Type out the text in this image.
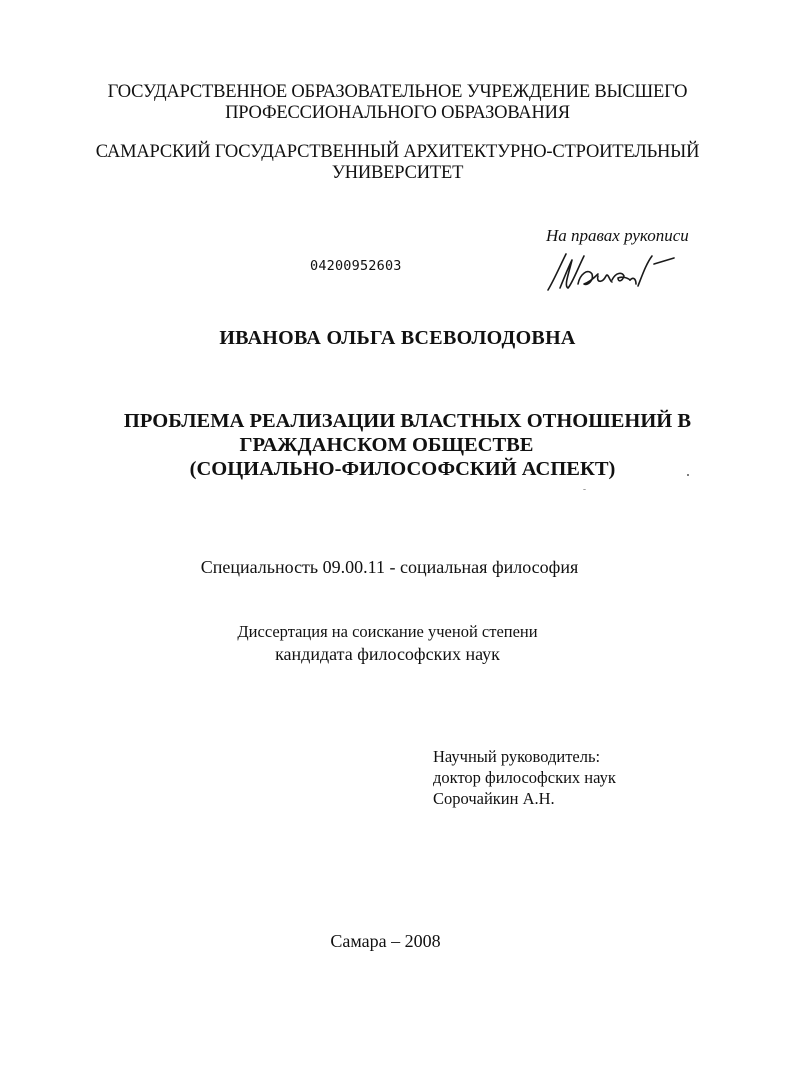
ГОСУДАРСТВЕННОЕ ОБРАЗОВАТЕЛЬНОЕ УЧРЕЖДЕНИЕ ВЫСШЕГО
ПРОФЕССИОНАЛЬНОГО ОБРАЗОВАНИЯ
САМАРСКИЙ ГОСУДАРСТВЕННЫЙ АРХИТЕКТУРНО-СТРОИТЕЛЬНЫЙ
УНИВЕРСИТЕТ
На правах рукописи
04200952603
ИВАНОВА ОЛЬГА ВСЕВОЛОДОВНА
ПРОБЛЕМА РЕАЛИЗАЦИИ ВЛАСТНЫХ ОТНОШЕНИЙ В
ГРАЖДАНСКОМ ОБЩЕСТВЕ
(СОЦИАЛЬНО-ФИЛОСОФСКИЙ АСПЕКТ)
Специальность 09.00.11 - социальная философия
Диссертация на соискание ученой степени
кандидата философских наук
Научный руководитель:
доктор философских наук
Сорочайкин А.Н.
Самара – 2008
